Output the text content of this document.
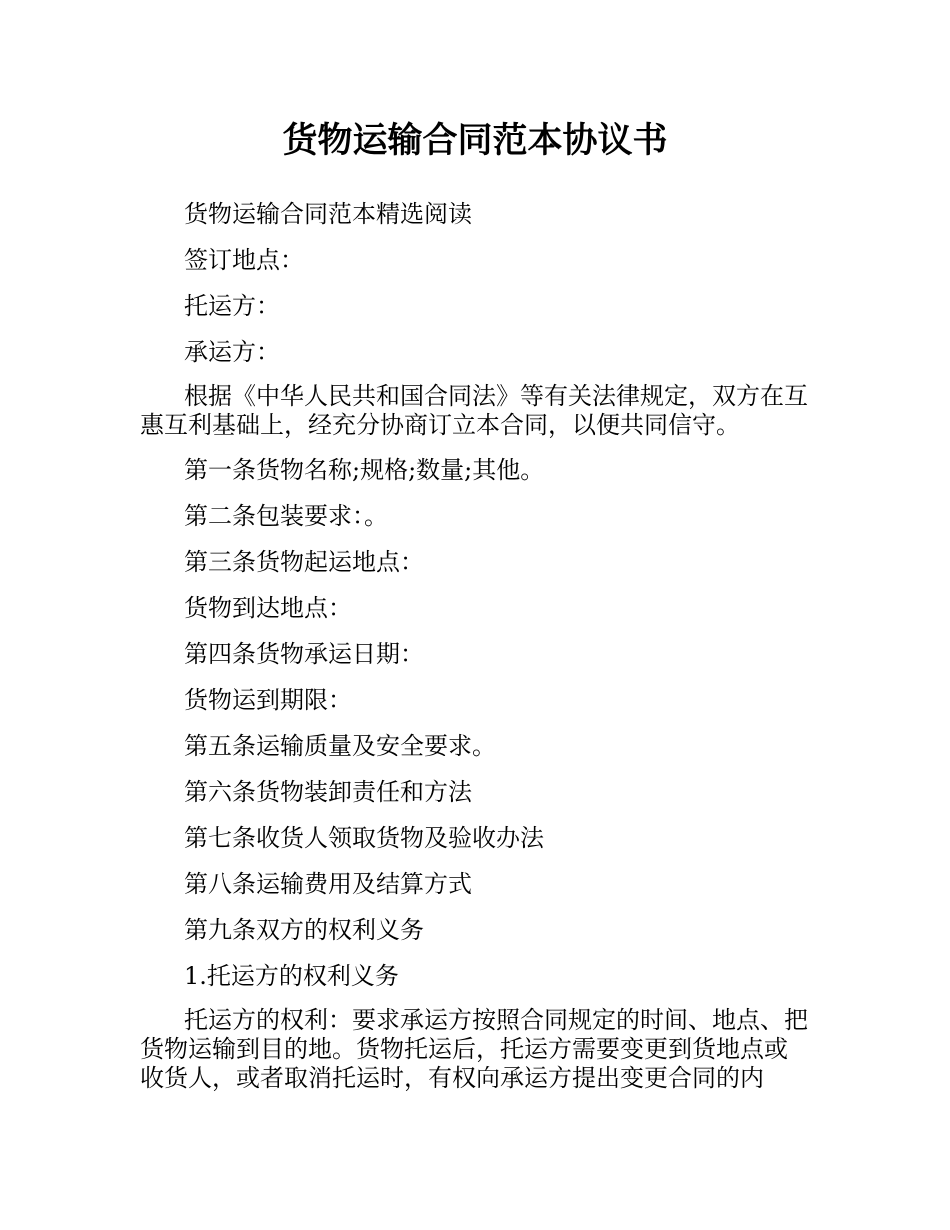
货物运输合同范本协议书

货物运输合同范本精选阅读

签订地点：

托运方：

承运方：

根据《中华人民共和国合同法》等有关法律规定，双方在互惠互利基础上，经充分协商订立本合同，以便共同信守。

第一条货物名称;规格;数量;其他。

第二条包装要求：。

第三条货物起运地点：

货物到达地点：

第四条货物承运日期：

货物运到期限：

第五条运输质量及安全要求。

第六条货物装卸责任和方法

第七条收货人领取货物及验收办法

第八条运输费用及结算方式

第九条双方的权利义务

1.托运方的权利义务

托运方的权利：要求承运方按照合同规定的时间、地点、把货物运输到目的地。货物托运后，托运方需要变更到货地点或收货人，或者取消托运时，有权向承运方提出变更合同的内
